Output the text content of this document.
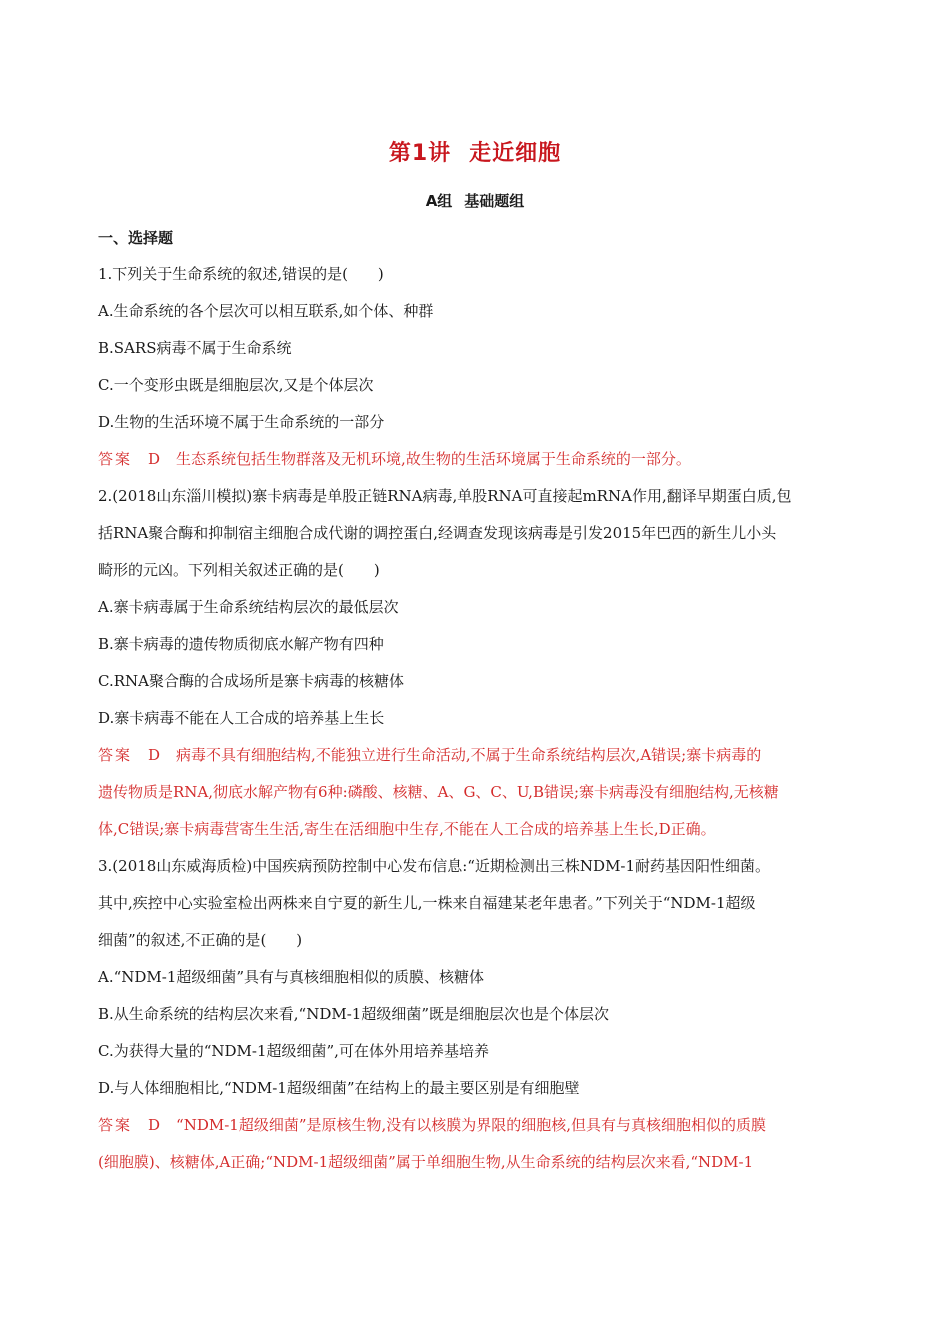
第1讲 走近细胞
A组 基础题组
一、选择题
1.下列关于生命系统的叙述,错误的是(　　)
A.生命系统的各个层次可以相互联系,如个体、种群
B.SARS病毒不属于生命系统
C.一个变形虫既是细胞层次,又是个体层次
D.生物的生活环境不属于生命系统的一部分
答案 D 生态系统包括生物群落及无机环境,故生物的生活环境属于生命系统的一部分。
2.(2018山东淄川模拟)寨卡病毒是单股正链RNA病毒,单股RNA可直接起mRNA作用,翻译早期蛋白质,包
括RNA聚合酶和抑制宿主细胞合成代谢的调控蛋白,经调查发现该病毒是引发2015年巴西的新生儿小头
畸形的元凶。下列相关叙述正确的是(　　)
A.寨卡病毒属于生命系统结构层次的最低层次
B.寨卡病毒的遗传物质彻底水解产物有四种
C.RNA聚合酶的合成场所是寨卡病毒的核糖体
D.寨卡病毒不能在人工合成的培养基上生长
答案 D 病毒不具有细胞结构,不能独立进行生命活动,不属于生命系统结构层次,A错误;寨卡病毒的
遗传物质是RNA,彻底水解产物有6种:磷酸、核糖、A、G、C、U,B错误;寨卡病毒没有细胞结构,无核糖
体,C错误;寨卡病毒营寄生生活,寄生在活细胞中生存,不能在人工合成的培养基上生长,D正确。
3.(2018山东威海质检)中国疾病预防控制中心发布信息:“近期检测出三株NDM-1耐药基因阳性细菌。
其中,疾控中心实验室检出两株来自宁夏的新生儿,一株来自福建某老年患者。”下列关于“NDM-1超级
细菌”的叙述,不正确的是(　　)
A.“NDM-1超级细菌”具有与真核细胞相似的质膜、核糖体
B.从生命系统的结构层次来看,“NDM-1超级细菌”既是细胞层次也是个体层次
C.为获得大量的“NDM-1超级细菌”,可在体外用培养基培养
D.与人体细胞相比,“NDM-1超级细菌”在结构上的最主要区别是有细胞壁
答案 D “NDM-1超级细菌”是原核生物,没有以核膜为界限的细胞核,但具有与真核细胞相似的质膜
(细胞膜)、核糖体,A正确;“NDM-1超级细菌”属于单细胞生物,从生命系统的结构层次来看,“NDM-1
